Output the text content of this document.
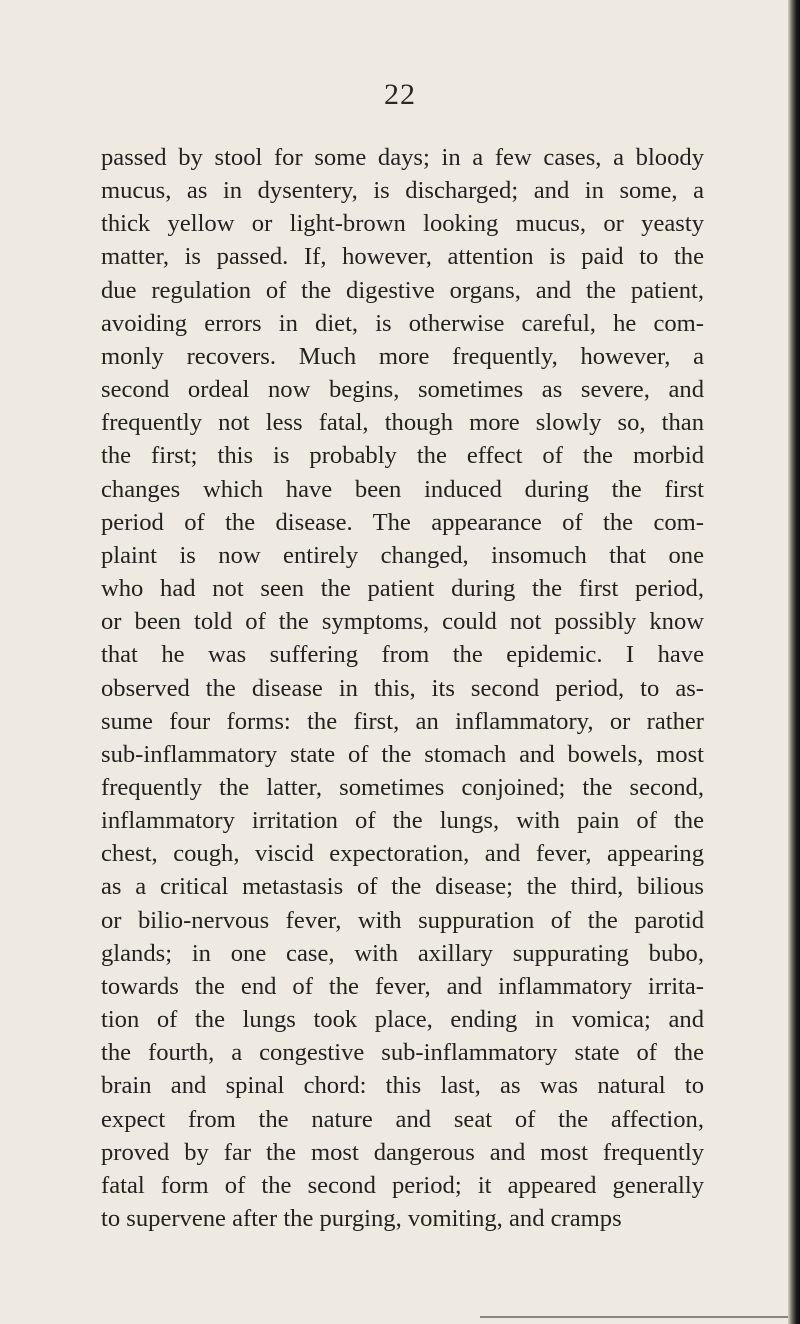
22
passed by stool for some days; in a few cases, a bloody
mucus, as in dysentery, is discharged; and in some, a
thick yellow or light-brown looking mucus, or yeasty
matter, is passed. If, however, attention is paid to the
due regulation of the digestive organs, and the patient,
avoiding errors in diet, is otherwise careful, he com-
monly recovers. Much more frequently, however, a
second ordeal now begins, sometimes as severe, and
frequently not less fatal, though more slowly so, than
the first; this is probably the effect of the morbid
changes which have been induced during the first
period of the disease. The appearance of the com-
plaint is now entirely changed, insomuch that one
who had not seen the patient during the first period,
or been told of the symptoms, could not possibly know
that he was suffering from the epidemic. I have
observed the disease in this, its second period, to as-
sume four forms: the first, an inflammatory, or rather
sub-inflammatory state of the stomach and bowels, most
frequently the latter, sometimes conjoined; the second,
inflammatory irritation of the lungs, with pain of the
chest, cough, viscid expectoration, and fever, appearing
as a critical metastasis of the disease; the third, bilious
or bilio-nervous fever, with suppuration of the parotid
glands; in one case, with axillary suppurating bubo,
towards the end of the fever, and inflammatory irrita-
tion of the lungs took place, ending in vomica; and
the fourth, a congestive sub-inflammatory state of the
brain and spinal chord: this last, as was natural to
expect from the nature and seat of the affection,
proved by far the most dangerous and most frequently
fatal form of the second period; it appeared generally
to supervene after the purging, vomiting, and cramps
